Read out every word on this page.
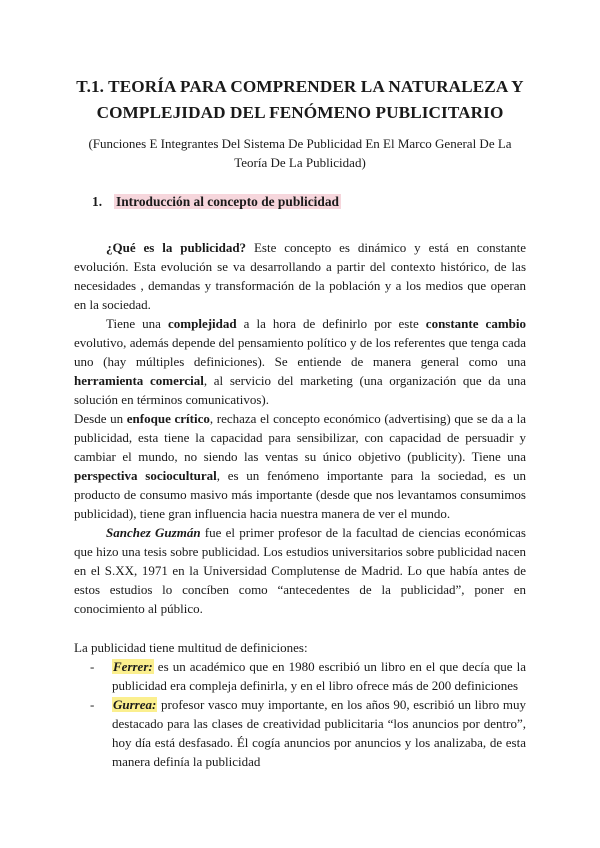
T.1. TEORÍA PARA COMPRENDER LA NATURALEZA Y
COMPLEJIDAD DEL FENÓMENO PUBLICITARIO

(Funciones E Integrantes Del Sistema De Publicidad En El Marco General De La Teoría De La Publicidad)

1. Introducción al concepto de publicidad

¿Qué es la publicidad? Este concepto es dinámico y está en constante evolución. Esta evolución se va desarrollando a partir del contexto histórico, de las necesidades , demandas y transformación de la población y a los medios que operan en la sociedad.

Tiene una complejidad a la hora de definirlo por este constante cambio evolutivo, además depende del pensamiento político y de los referentes que tenga cada uno (hay múltiples definiciones). Se entiende de manera general como una herramienta comercial, al servicio del marketing (una organización que da una solución en términos comunicativos).

Desde un enfoque crítico, rechaza el concepto económico (advertising) que se da a la publicidad, esta tiene la capacidad para sensibilizar, con capacidad de persuadir y cambiar el mundo, no siendo las ventas su único objetivo (publicity). Tiene una perspectiva sociocultural, es un fenómeno importante para la sociedad, es un producto de consumo masivo más importante (desde que nos levantamos consumimos publicidad), tiene gran influencia hacia nuestra manera de ver el mundo.

Sanchez Guzmán fue el primer profesor de la facultad de ciencias económicas que hizo una tesis sobre publicidad. Los estudios universitarios sobre publicidad nacen en el S.XX, 1971 en la Universidad Complutense de Madrid. Lo que había antes de estos estudios lo concíben como “antecedentes de la publicidad”, poner en conocimiento al público.

La publicidad tiene multitud de definiciones:

- Ferrer: es un académico que en 1980 escribió un libro en el que decía que la publicidad era compleja definirla, y en el libro ofrece más de 200 definiciones
- Gurrea: profesor vasco muy importante, en los años 90, escribió un libro muy destacado para las clases de creatividad publicitaria “los anuncios por dentro”, hoy día está desfasado. Él cogía anuncios por anuncios y los analizaba, de esta manera definía la publicidad
